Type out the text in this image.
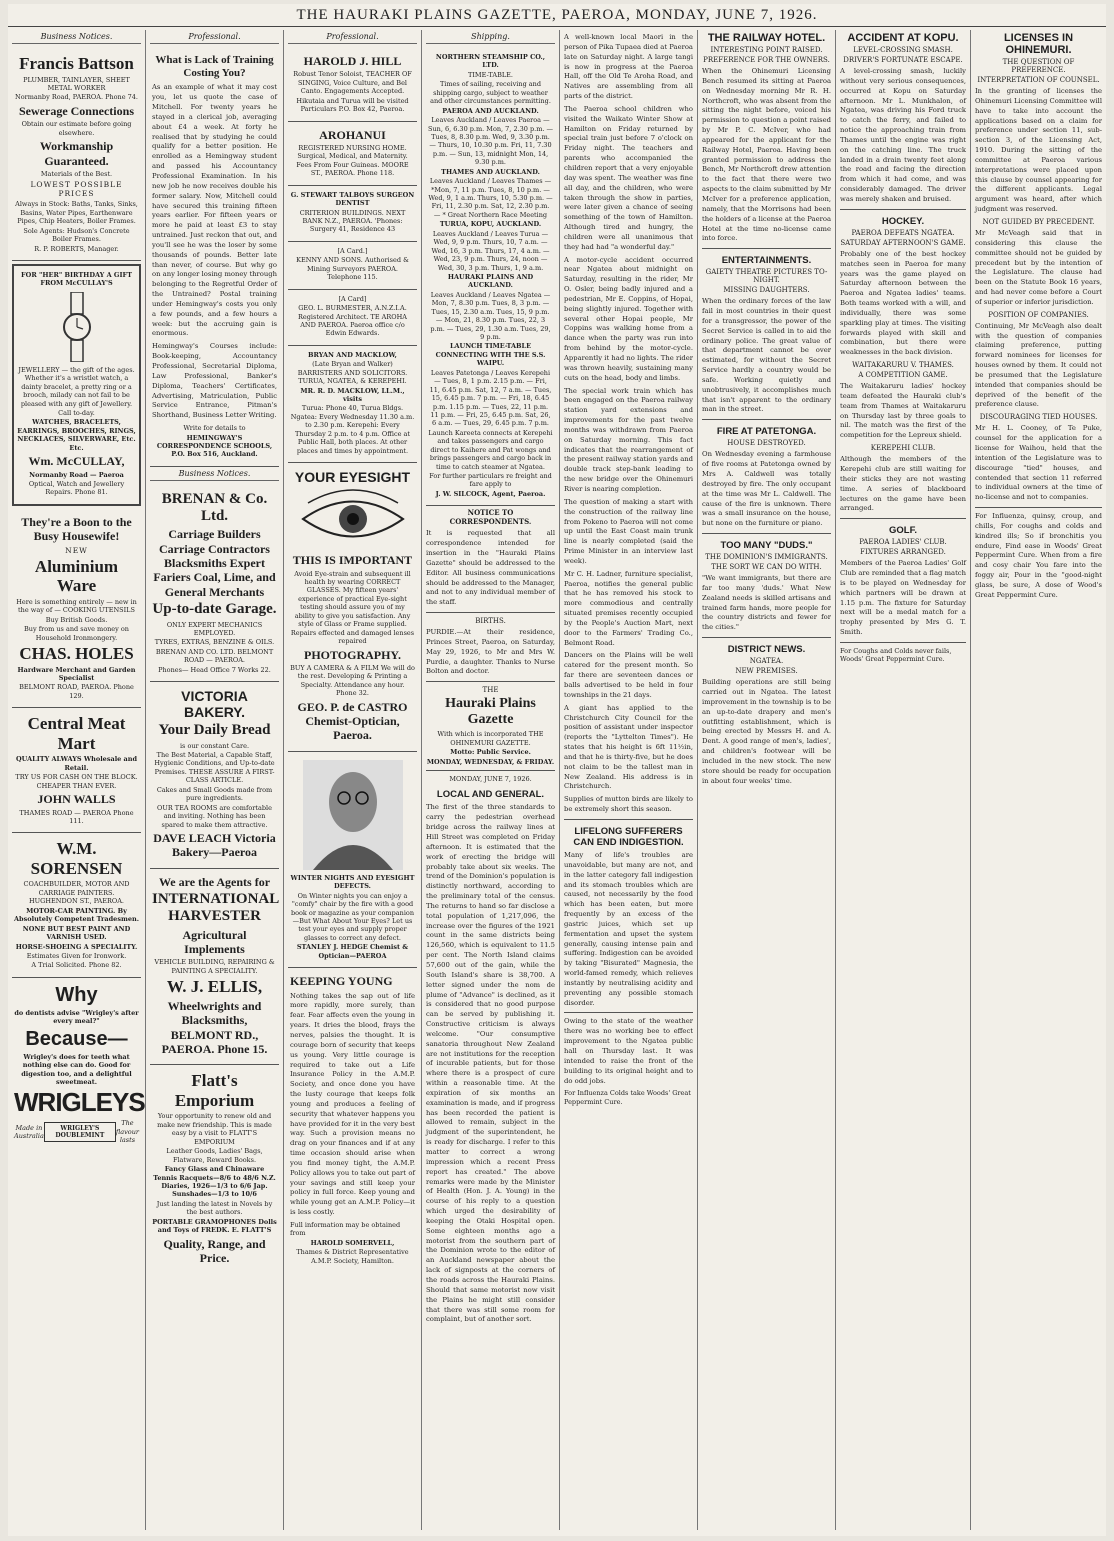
THE HAURAKI PLAINS GAZETTE, PAEROA, MONDAY, JUNE 7, 1926.
Business Notices.
Francis Battson
PLUMBER, TAINLAYER, SHEET METAL WORKER
Normanby Road, PAEROA. Phone 74.
Sewerage Connections
Obtain our estimate before going elsewhere.
Workmanship Guaranteed.
Materials of the Best.
LOWEST POSSIBLE PRICES
Always in Stock: Baths, Tanks, Sinks, Basins, Water Pipes, Earthenware Pipes, Chip Heaters, Boiler Frames.
Sole Agents: Hudson's Concrete Boiler Frames.
R. P. ROBERTS, Manager.
FOR "HER" BIRTHDAY A GIFT FROM McCULLAY'S
JEWELLERY — the gift of the ages. Whether it's a wristlet watch, a dainty bracelet, a pretty ring or a brooch, milady can not fail to be pleased with any gift of Jewellery.
Call to-day.
WATCHES, BRACELETS, EARRINGS, BROOCHES, RINGS, NECKLACES, SILVERWARE, Etc. Etc.
Wm. McCULLAY,
Normanby Road — Paeroa
Optical, Watch and Jewellery Repairs. Phone 81.
They're a Boon to the Busy Housewife!
NEW
Aluminium Ware
Here is something entirely — new in the way of — COOKING UTENSILS
Buy British Goods.
Buy from us and save money on Household Ironmongery.
CHAS. HOLES
Hardware Merchant and Garden Specialist
BELMONT ROAD, PAEROA. Phone 129.
Central Meat Mart
QUALITY ALWAYS Wholesale and Retail.
TRY US FOR CASH ON THE BLOCK. CHEAPER THAN EVER.
JOHN WALLS
THAMES ROAD — PAEROA Phone 111.
W.M. SORENSEN
COACHBUILDER, MOTOR AND CARRIAGE PAINTERS. HUGHENDON ST., PAEROA.
MOTOR-CAR PAINTING. By Absolutely Competent Tradesmen.
NONE BUT BEST PAINT AND VARNISH USED.
HORSE-SHOEING A SPECIALITY.
Estimates Given for Ironwork.
A Trial Solicited. Phone 82.
Why
do dentists advise "Wrigley's after every meal?"
Because—
Wrigley's does for teeth what nothing else can do. Good for digestion too, and a delightful sweetmeat.
WRIGLEYS
Made in Australia
WRIGLEY'S DOUBLEMINT
The flavour lasts
Professional.
What is Lack of Training Costing You?
As an example of what it may cost you, let us quote the case of Mitchell. For twenty years he stayed in a clerical job, averaging about £4 a week. At forty he realised that by studying he could qualify for a better position. He enrolled as a Hemingway student and passed his Accountancy Professional Examination. In his new job he now receives double his former salary. Now, Mitchell could have secured this training fifteen years earlier. For fifteen years or more he paid at least £3 to stay untrained. Just reckon that out, and you'll see he was the loser by some thousands of pounds. Better late than never, of course. But why go on any longer losing money through belonging to the Regretful Order of the Untrained? Postal training under Hemingway's costs you only a few pounds, and a few hours a week: but the accruing gain is enormous.
Hemingway's Courses include: Book-keeping, Accountancy Professional, Secretarial Diploma, Law Professional, Banker's Diploma, Teachers' Certificates, Advertising, Matriculation, Public Service Entrance, Pitman's Shorthand, Business Letter Writing.
Write for details to
HEMINGWAY'S CORRESPONDENCE SCHOOLS, P.O. Box 516, Auckland.
Business Notices.
BRENAN & Co. Ltd.
Carriage Builders Carriage Contractors Blacksmiths Expert Fariers Coal, Lime, and General Merchants
Up-to-date Garage.
ONLY EXPERT MECHANICS EMPLOYED.
TYRES, EXTRAS, BENZINE & OILS.
BRENAN AND CO. LTD. BELMONT ROAD — PAEROA.
Phones— Head Office 7 Works 22.
VICTORIA BAKERY.
Your Daily Bread
is our constant Care.
The Best Material, a Capable Staff, Hygienic Conditions, and Up-to-date Premises. THESE ASSURE A FIRST-CLASS ARTICLE.
Cakes and Small Goods made from pure ingredients.
OUR TEA ROOMS are comfortable and inviting. Nothing has been spared to make them attractive.
DAVE LEACH Victoria Bakery—Paeroa
We are the Agents for
INTERNATIONAL HARVESTER
Agricultural Implements
VEHICLE BUILDING, REPAIRING & PAINTING A SPECIALITY.
W. J. ELLIS,
Wheelwrights and Blacksmiths, BELMONT RD., PAEROA. Phone 15.
Flatt's Emporium
Your opportunity to renew old and make new friendship. This is made easy by a visit to FLATT'S EMPORIUM
Leather Goods, Ladies' Bags, Flatware, Reward Books.
Fancy Glass and Chinaware Tennis Racquets—8/6 to 48/6 N.Z. Diaries, 1926—1/3 to 6/6 Jap. Sunshades—1/3 to 10/6
Just landing the latest in Novels by the best authors.
PORTABLE GRAMOPHONES Dolls and Toys of FREDK. E. FLATT'S
Quality, Range, and Price.
Professional.
HAROLD J. HILL
Robust Tenor Soloist, TEACHER OF SINGING, Voice Culture, and Bel Canto. Engagements Accepted.
Hikutaia and Turua will be visited Particulars P.O. Box 42, Paeroa.
AROHANUI
REGISTERED NURSING HOME. Surgical, Medical, and Maternity. Fees From Four Guineas. MOORE ST., PAEROA. Phone 118.
G. STEWART TALBOYS SURGEON DENTIST
CRITERION BUILDINGS. NEXT BANK N.Z., PAEROA. 'Phones: Surgery 41, Residence 43
[A Card.]
KENNY AND SONS. Authorised & Mining Surveyors PAEROA. Telephone 115.
[A Card]
GEO. L. BURMESTER, A.N.Z.I.A. Registered Architect. TE AROHA AND PAEROA. Paeroa office c/o Edwin Edwards.
BRYAN AND MACKLOW,
(Late Bryan and Walker) BARRISTERS AND SOLICITORS. TURUA, NGATEA, & KEREPEHI.
MR. R. D. MACKLOW, LL.M., visits
Turua: Phone 40, Turua Bldgs. Ngatea: Every Wednesday 11.30 a.m. to 2.30 p.m. Kerepehi: Every Thursday 2 p.m. to 4 p.m. Office at Public Hall, both places. At other places and times by appointment.
YOUR EYESIGHT
THIS IS IMPORTANT
Avoid Eye-strain and subsequent ill health by wearing CORRECT GLASSES. My fifteen years' experience of practical Eye-sight testing should assure you of my ability to give you satisfaction. Any style of Glass or Frame supplied. Repairs effected and damaged lenses repaired
PHOTOGRAPHY.
BUY A CAMERA & A FILM We will do the rest. Developing & Printing a Specialty. Attendance any hour. Phone 32.
GEO. P. de CASTRO Chemist-Optician, Paeroa.
WINTER NIGHTS AND EYESIGHT DEFECTS.
On Winter nights you can enjoy a "comfy" chair by the fire with a good book or magazine as your companion—But What About Your Eyes? Let us test your eyes and supply proper glasses to correct any defect.
STANLEY J. HEDGE Chemist & Optician—PAEROA
KEEPING YOUNG
Nothing takes the sap out of life more rapidly, more surely, than fear. Fear affects even the young in years. It dries the blood, frays the nerves, palsies the thought. It is courage born of security that keeps us young. Very little courage is required to take out a Life Insurance Policy in the A.M.P. Society, and once done you have the lusty courage that keeps folk young and produces a feeling of security that whatever happens you have provided for it in the very best way. Such a provision means no drag on your finances and if at any time occasion should arise when you find money tight, the A.M.P. Policy allows you to take out part of your savings and still keep your policy in full force. Keep young and while young get an A.M.P. Policy—it is less costly.
Full information may be obtained from
HAROLD SOMERVELL,
Thames & District Representative A.M.P. Society, Hamilton.
Shipping.
NORTHERN STEAMSHIP CO., LTD.
TIME-TABLE.
Times of sailing, receiving and shipping cargo, subject to weather and other circumstances permitting.
PAEROA AND AUCKLAND.
Leaves Auckland / Leaves Paeroa — Sun, 6, 6.30 p.m. Mon, 7, 2.30 p.m. — Tues, 8, 8.30 p.m. Wed, 9, 3.30 p.m. — Thurs, 10, 10.30 p.m. Fri, 11, 7.30 p.m. — Sun, 13, midnight Mon, 14, 9.30 p.m.
THAMES AND AUCKLAND.
Leaves Auckland / Leaves Thames — *Mon, 7, 11 p.m. Tues, 8, 10 p.m. — Wed, 9, 1 a.m. Thurs, 10, 5.30 p.m. — Fri, 11, 2.30 p.m. Sat, 12, 2.30 p.m. — * Great Northern Race Meeting
TURUA, KOPU, AUCKLAND.
Leaves Auckland / Leaves Turua — Wed, 9, 9 p.m. Thurs, 10, 7 a.m. — Wed, 16, 3 p.m. Thurs, 17, 4 a.m. — Wed, 23, 9 p.m. Thurs, 24, noon — Wed, 30, 3 p.m. Thurs, 1, 9 a.m.
HAURAKI PLAINS AND AUCKLAND.
Leaves Auckland / Leaves Ngatea — Mon, 7, 8.30 p.m. Tues, 8, 3 p.m. — Tues, 15, 2.30 a.m. Tues, 15, 9 p.m. — Mon, 21, 8.30 p.m. Tues, 22, 3 p.m. — Tues, 29, 1.30 a.m. Tues, 29, 9 p.m.
LAUNCH TIME-TABLE CONNECTING WITH THE S.S. WAIPU.
Leaves Patetonga / Leaves Kerepehi — Tues, 8, 1 p.m. 2.15 p.m. — Fri, 11, 6.45 p.m. Sat, 12, 7 a.m. — Tues, 15, 6.45 p.m. 7 p.m. — Fri, 18, 6.45 p.m. 1.15 p.m. — Tues, 22, 11 p.m. 11 p.m. — Fri, 25, 6.45 p.m. Sat, 26, 6 a.m. — Tues, 29, 6.45 p.m. 7 p.m.
Launch Kareeta connects at Kerepehi and takes passengers and cargo direct to Kaihere and Pat wongs and brings passengers and cargo back in time to catch steamer at Ngatea.
For further particulars re freight and fare apply to
J. W. SILCOCK, Agent, Paeroa.
NOTICE TO CORRESPONDENTS.
It is requested that all correspondence intended for insertion in the "Hauraki Plains Gazette" should be addressed to the Editor. All business communications should be addressed to the Manager, and not to any individual member of the staff.
BIRTHS.
PURDIE.—At their residence, Princes Street, Paeroa, on Saturday, May 29, 1926, to Mr and Mrs W. Purdie, a daughter. Thanks to Nurse Bolton and doctor.
THE
Hauraki Plains Gazette
With which is incorporated THE OHINEMURI GAZETTE.
Motto: Public Service.
MONDAY, WEDNESDAY, & FRIDAY.
MONDAY, JUNE 7, 1926.
LOCAL AND GENERAL.
The first of the three standards to carry the pedestrian overhead bridge across the railway lines at Hill Street was completed on Friday afternoon. It is estimated that the work of erecting the bridge will probably take about six weeks. The trend of the Dominion's population is distinctly northward, according to the preliminary total of the census. The returns to hand so far disclose a total population of 1,217,096, the increase over the figures of the 1921 count in the same districts being 126,560, which is equivalent to 11.5 per cent. The North Island claims 57,600 out of the gain, while the South Island's share is 38,700. A letter signed under the nom de plume of "Advance" is declined, as it is considered that no good purpose can be served by publishing it. Constructive criticism is always welcome. "Our consumptive sanatoria throughout New Zealand are not institutions for the reception of incurable patients, but for those where there is a prospect of cure within a reasonable time. At the expiration of six months an examination is made, and if progress has been recorded the patient is allowed to remain, subject in the judgment of the superintendent, he is ready for discharge. I refer to this matter to correct a wrong impression which a recent Press report has created." The above remarks were made by the Minister of Health (Hon. J. A. Young) in the course of his reply to a question which urged the desirability of keeping the Otaki Hospital open. Some eighteen months ago a motorist from the southern part of the Dominion wrote to the editor of an Auckland newspaper about the lack of signposts at the corners of the roads across the Hauraki Plains. Should that same motorist now visit the Plains he might still consider that there was still some room for complaint, but of another sort.
A well-known local Maori in the person of Pika Tupaea died at Paeroa late on Saturday night. A large tangi is now in progress at the Paeroa Hall, off the Old Te Aroha Road, and Natives are assembling from all parts of the district.
The Paeroa school children who visited the Waikato Winter Show at Hamilton on Friday returned by special train just before 7 o'clock on Friday night. The teachers and parents who accompanied the children report that a very enjoyable day was spent. The weather was fine all day, and the children, who were taken through the show in parties, were later given a chance of seeing something of the town of Hamilton. Although tired and hungry, the children were all unanimous that they had had "a wonderful day."
A motor-cycle accident occurred near Ngatea about midnight on Saturday, resulting in the rider, Mr O. Osler, being badly injured and a pedestrian, Mr E. Coppins, of Hopai, being slightly injured. Together with several other Hopai people, Mr Coppins was walking home from a dance when the party was run into from behind by the motor-cycle. Apparently it had no lights. The rider was thrown heavily, sustaining many cuts on the head, body and limbs.
The special work train which has been engaged on the Paeroa railway station yard extensions and improvements for the past twelve months was withdrawn from Paeroa on Saturday morning. This fact indicates that the rearrangement of the present railway station yards and double track step-bank leading to the new bridge over the Ohinemuri River is nearing completion.
The question of making a start with the construction of the railway line from Pokeno to Paeroa will not come up until the East Coast main trunk line is nearly completed (said the Prime Minister in an interview last week).
Mr C. H. Ladner, furniture specialist, Paeroa, notifies the general public that he has removed his stock to more commodious and centrally situated premises recently occupied by the People's Auction Mart, next door to the Farmers' Trading Co., Belmont Road.
Dancers on the Plains will be well catered for the present month. So far there are seventeen dances or balls advertised to be held in four townships in the 21 days.
A giant has applied to the Christchurch City Council for the position of assistant under inspector (reports the "Lyttelton Times"). He states that his height is 6ft 11½in, and that he is thirty-five, but he does not claim to be the tallest man in New Zealand. His address is in Christchurch.
Supplies of mutton birds are likely to be extremely short this season.
LIFELONG SUFFERERS CAN END INDIGESTION.
Many of life's troubles are unavoidable, but many are not, and in the latter category fall indigestion and its stomach troubles which are caused, not necessarily by the food which has been eaten, but more frequently by an excess of the gastric juices, which set up fermentation and upset the system generally, causing intense pain and suffering. Indigestion can be avoided by taking "Bisurated" Magnesia, the world-famed remedy, which relieves instantly by neutralising acidity and preventing any possible stomach disorder.
Owing to the state of the weather there was no working bee to effect improvement to the Ngatea public hall on Thursday last. It was intended to raise the front of the building to its original height and to do odd jobs.
For Influenza Colds take Woods' Great Peppermint Cure.
THE RAILWAY HOTEL.
INTERESTING POINT RAISED.
PREFERENCE FOR THE OWNERS.
When the Ohinemuri Licensing Bench resumed its sitting at Paeroa on Wednesday morning Mr R. H. Northcroft, who was absent from the sitting the night before, voiced his permission to question a point raised by Mr P. C. McIver, who had appeared for the applicant for the Railway Hotel, Paeroa. Having been granted permission to address the Bench, Mr Northcroft drew attention to the fact that there were two aspects to the claim submitted by Mr McIver for a preference application, namely, that the Morrisons had been the holders of a license at the Paeroa Hotel at the time no-license came into force.
ENTERTAINMENTS.
GAIETY THEATRE PICTURES TO-NIGHT.
MISSING DAUGHTERS.
When the ordinary forces of the law fail in most countries in their quest for a transgressor, the power of the Secret Service is called in to aid the ordinary police. The great value of that department cannot be over estimated, for without the Secret Service hardly a country would be safe. Working quietly and unobtrusively, it accomplishes much that isn't apparent to the ordinary man in the street.
FIRE AT PATETONGA.
HOUSE DESTROYED.
On Wednesday evening a farmhouse of five rooms at Patetonga owned by Mrs A. Caldwell was totally destroyed by fire. The only occupant at the time was Mr L. Caldwell. The cause of the fire is unknown. There was a small insurance on the house, but none on the furniture or piano.
TOO MANY "DUDS."
THE DOMINION'S IMMIGRANTS.
THE SORT WE CAN DO WITH.
"We want immigrants, but there are far too many 'duds.' What New Zealand needs is skilled artisans and trained farm hands, more people for the country districts and fewer for the cities."
DISTRICT NEWS.
NGATEA.
NEW PREMISES.
Building operations are still being carried out in Ngatea. The latest improvement in the township is to be an up-to-date drapery and men's outfitting establishment, which is being erected by Messrs H. and A. Dent. A good range of men's, ladies', and children's footwear will be included in the new stock. The new store should be ready for occupation in about four weeks' time.
ACCIDENT AT KOPU.
LEVEL-CROSSING SMASH.
DRIVER'S FORTUNATE ESCAPE.
A level-crossing smash, luckily without very serious consequences, occurred at Kopu on Saturday afternoon. Mr L. Munkhalon, of Ngatea, was driving his Ford truck to catch the ferry, and failed to notice the approaching train from Thames until the engine was right on the catching line. The truck landed in a drain twenty feet along the road and facing the direction from which it had come, and was considerably damaged. The driver was merely shaken and bruised.
HOCKEY.
PAEROA DEFEATS NGATEA.
SATURDAY AFTERNOON'S GAME.
Probably one of the best hockey matches seen in Paeroa for many years was the game played on Saturday afternoon between the Paeroa and Ngatea ladies' teams. Both teams worked with a will, and individually, there was some sparkling play at times. The visiting forwards played with skill and combination, but there were weaknesses in the back division.
WAITAKARURU V. THAMES.
A COMPETITION GAME.
The Waitakaruru ladies' hockey team defeated the Hauraki club's team from Thames at Waitakaruru on Thursday last by three goals to nil. The match was the first of the competition for the Lepreux shield.
KEREPEHI CLUB.
Although the members of the Kerepehi club are still waiting for their sticks they are not wasting time. A series of blackboard lectures on the game have been arranged.
GOLF.
PAEROA LADIES' CLUB.
FIXTURES ARRANGED.
Members of the Paeroa Ladies' Golf Club are reminded that a flag match is to be played on Wednesday for which partners will be drawn at 1.15 p.m. The fixture for Saturday next will be a medal match for a trophy presented by Mrs G. T. Smith.
For Coughs and Colds never fails, Woods' Great Peppermint Cure.
LICENSES IN OHINEMURI.
THE QUESTION OF PREFERENCE.
INTERPRETATION OF COUNSEL.
In the granting of licenses the Ohinemuri Licensing Committee will have to take into account the applications based on a claim for preference under section 11, sub-section 3, of the Licensing Act, 1910. During the sitting of the committee at Paeroa various interpretations were placed upon this clause by counsel appearing for the different applicants. Legal argument was heard, after which judgment was reserved.
NOT GUIDED BY PRECEDENT.
Mr McVeagh said that in considering this clause the committee should not be guided by precedent but by the intention of the Legislature. The clause had been on the Statute Book 16 years, and had never come before a Court of superior or inferior jurisdiction.
POSITION OF COMPANIES.
Continuing, Mr McVeagh also dealt with the question of companies claiming preference, putting forward nominees for licenses for houses owned by them. It could not be presumed that the Legislature intended that companies should be deprived of the benefit of the preference clause.
DISCOURAGING TIED HOUSES.
Mr H. L. Cooney, of Te Puke, counsel for the application for a license for Waihou, held that the intention of the Legislature was to discourage "tied" houses, and contended that section 11 referred to individual owners at the time of no-license and not to companies.
For Influenza, quinsy, croup, and chills, For coughs and colds and kindred ills; So if bronchitis you endure, Find ease in Woods' Great Peppermint Cure. When from a fire and cosy chair You fare into the foggy air, Pour in the "good-night glass, be sure, A dose of Wood's Great Peppermint Cure.
